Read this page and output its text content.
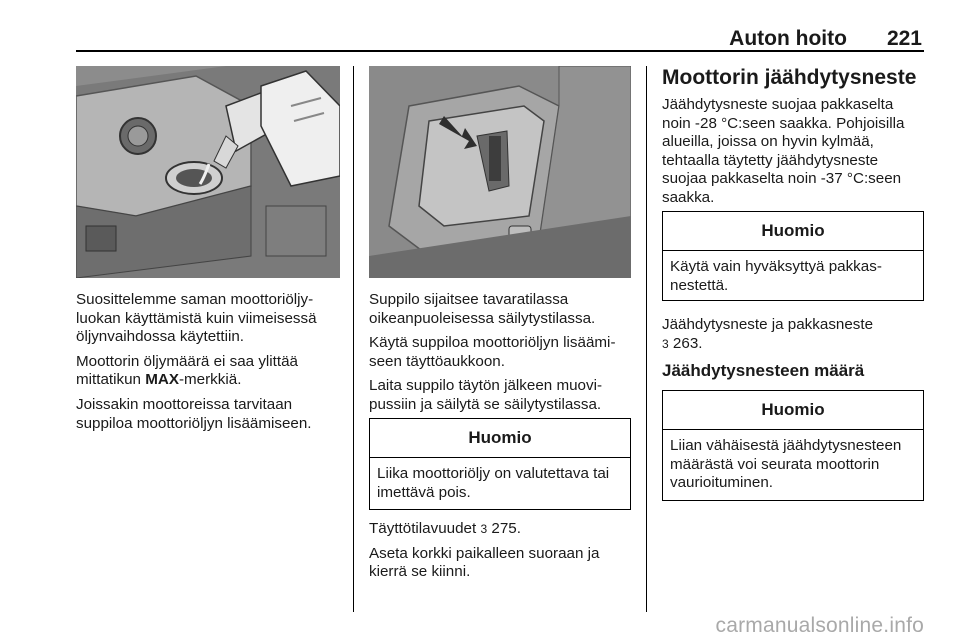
Auton hoito 221

Suosittelemme saman moottoriöljyluokan käyttämistä kuin viimeisessä öljynvaihdossa käytettiin.

Moottorin öljymäärä ei saa ylittää mittatikun MAX-merkkiä.

Joissakin moottoreissa tarvitaan suppiloa moottoriöljyn lisäämiseen.

Suppilo sijaitsee tavaratilassa oikeanpuoleisessa säilytystilassa.

Käytä suppiloa moottoriöljyn lisäämiseen täyttöaukkoon.

Laita suppilo täytön jälkeen muovipussiin ja säilytä se säilytystilassa.

Huomio
Liika moottoriöljy on valutettava tai imettävä pois.

Täyttötilavuudet 3 275.

Aseta korkki paikalleen suoraan ja kierrä se kiinni.

Moottorin jäähdytysneste
Jäähdytysneste suojaa pakkaselta noin -28 °C:seen saakka. Pohjoisilla alueilla, joissa on hyvin kylmää, tehtaalla täytetty jäähdytysneste suojaa pakkaselta noin -37 °C:seen saakka.
Huomio
Käytä vain hyväksyttyä pakkasnestettä.

Jäähdytysneste ja pakkasneste
3 263.

Jäähdytysnesteen määrä
Huomio
Liian vähäisestä jäähdytysnesteen määrästä voi seurata moottorin vaurioituminen.
carmanualsonline.info
